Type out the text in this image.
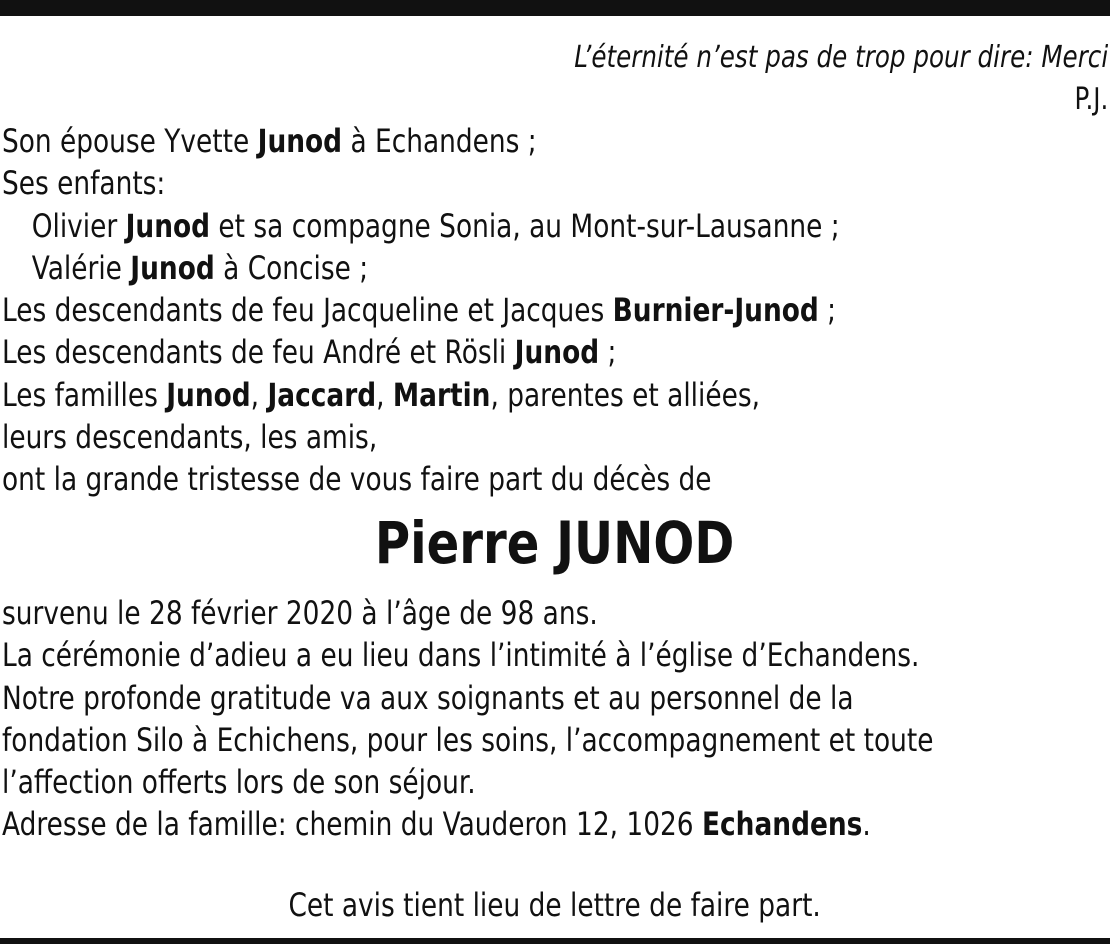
L’éternité n’est pas de trop pour dire: Merci
P.J.
Son épouse Yvette Junod à Echandens ;
Ses enfants:
Olivier Junod et sa compagne Sonia, au Mont-sur-Lausanne ;
Valérie Junod à Concise ;
Les descendants de feu Jacqueline et Jacques Burnier-Junod ;
Les descendants de feu André et Rösli Junod ;
Les familles Junod, Jaccard, Martin, parentes et alliées,
leurs descendants, les amis,
ont la grande tristesse de vous faire part du décès de
Pierre JUNOD
survenu le 28 février 2020 à l’âge de 98 ans.
La cérémonie d’adieu a eu lieu dans l’intimité à l’église d’Echandens.
Notre profonde gratitude va aux soignants et au personnel de la
fondation Silo à Echichens, pour les soins, l’accompagnement et toute
l’affection offerts lors de son séjour.
Adresse de la famille: chemin du Vauderon 12, 1026 Echandens.
Cet avis tient lieu de lettre de faire part.
